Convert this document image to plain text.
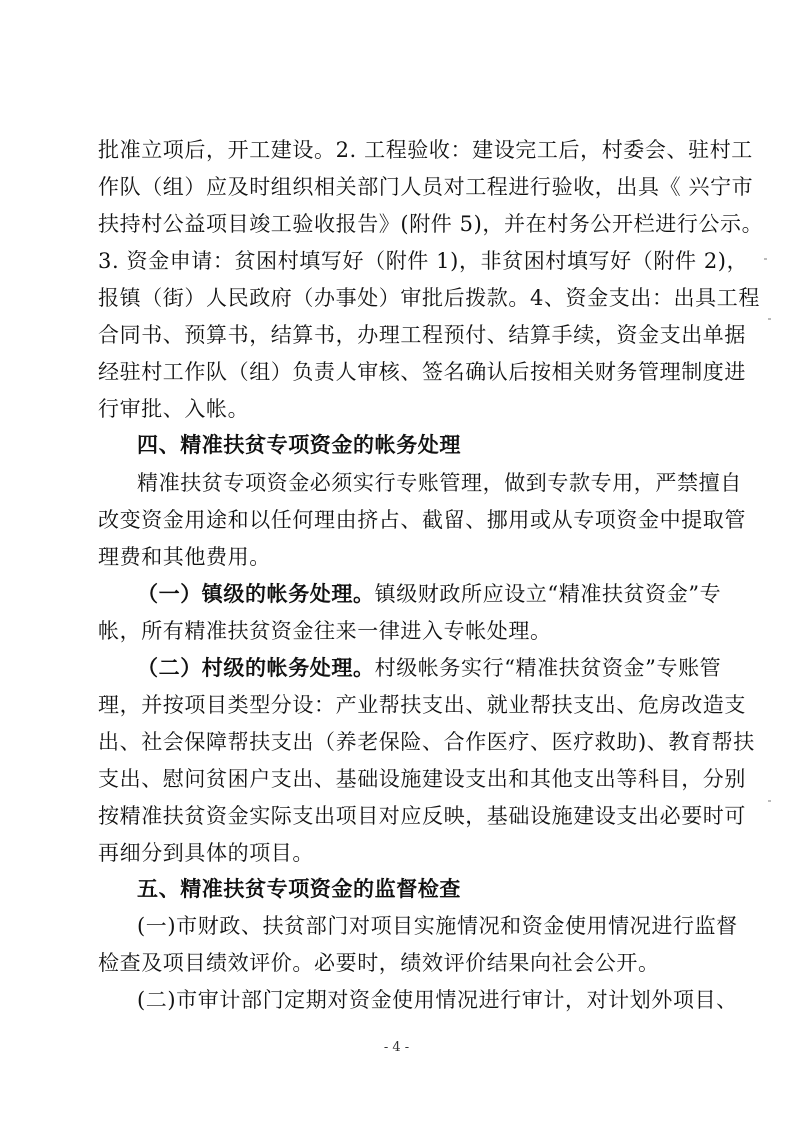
批准立项后，开工建设。2. 工程验收：建设完工后，村委会、驻村工
作队（组）应及时组织相关部门人员对工程进行验收，出具《 兴宁市
扶持村公益项目竣工验收报告》(附件 5)，并在村务公开栏进行公示。
3. 资金申请：贫困村填写好（附件 1)，非贫困村填写好（附件 2)，
报镇（街）人民政府（办事处）审批后拨款。4、资金支出：出具工程
合同书、预算书，结算书，办理工程预付、结算手续，资金支出单据
经驻村工作队（组）负责人审核、签名确认后按相关财务管理制度进
行审批、入帐。
四、精准扶贫专项资金的帐务处理
精准扶贫专项资金必须实行专账管理，做到专款专用，严禁擅自
改变资金用途和以任何理由挤占、截留、挪用或从专项资金中提取管
理费和其他费用。
（一）镇级的帐务处理。镇级财政所应设立“精准扶贫资金”专
帐，所有精准扶贫资金往来一律进入专帐处理。
（二）村级的帐务处理。村级帐务实行“精准扶贫资金”专账管
理，并按项目类型分设：产业帮扶支出、就业帮扶支出、危房改造支
出、社会保障帮扶支出（养老保险、合作医疗、医疗救助)、教育帮扶
支出、慰问贫困户支出、基础设施建设支出和其他支出等科目，分别
按精准扶贫资金实际支出项目对应反映，基础设施建设支出必要时可
再细分到具体的项目。
五、精准扶贫专项资金的监督检查
(一)市财政、扶贫部门对项目实施情况和资金使用情况进行监督
检查及项目绩效评价。必要时，绩效评价结果向社会公开。
(二)市审计部门定期对资金使用情况进行审计，对计划外项目、
- 4 -
